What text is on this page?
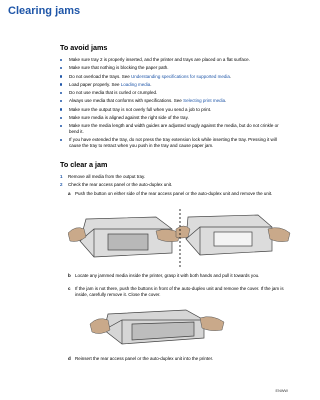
Clearing jams
To avoid jams
Make sure tray 2 is properly inserted, and the printer and trays are placed on a flat surface.
Make sure that nothing is blocking the paper path.
Do not overload the trays. See Understanding specifications for supported media.
Load paper properly. See Loading media.
Do not use media that is curled or crumpled.
Always use media that conforms with specifications. See Selecting print media.
Make sure the output tray is not overly full when you send a job to print.
Make sure media is aligned against the right side of the tray.
Make sure the media length and width guides are adjusted snugly against the media, but do not crinkle or bend it.
If you have extended the tray, do not press the tray extension lock while inserting the tray. Pressing it will cause the tray to retract when you push in the tray and cause paper jam.
To clear a jam
1 Remove all media from the output tray.
2 Check the rear access panel or the auto-duplex unit.
a Push the button on either side of the rear access panel or the auto-duplex unit and remove the unit.
b Locate any jammed media inside the printer, grasp it with both hands and pull it towards you.
c If the jam is not there, push the buttons in front of the auto-duplex unit and remove the cover. If the jam is inside, carefully remove it. Close the cover.
d Reinsert the rear access panel or the auto-duplex unit into the printer.
ENWW
